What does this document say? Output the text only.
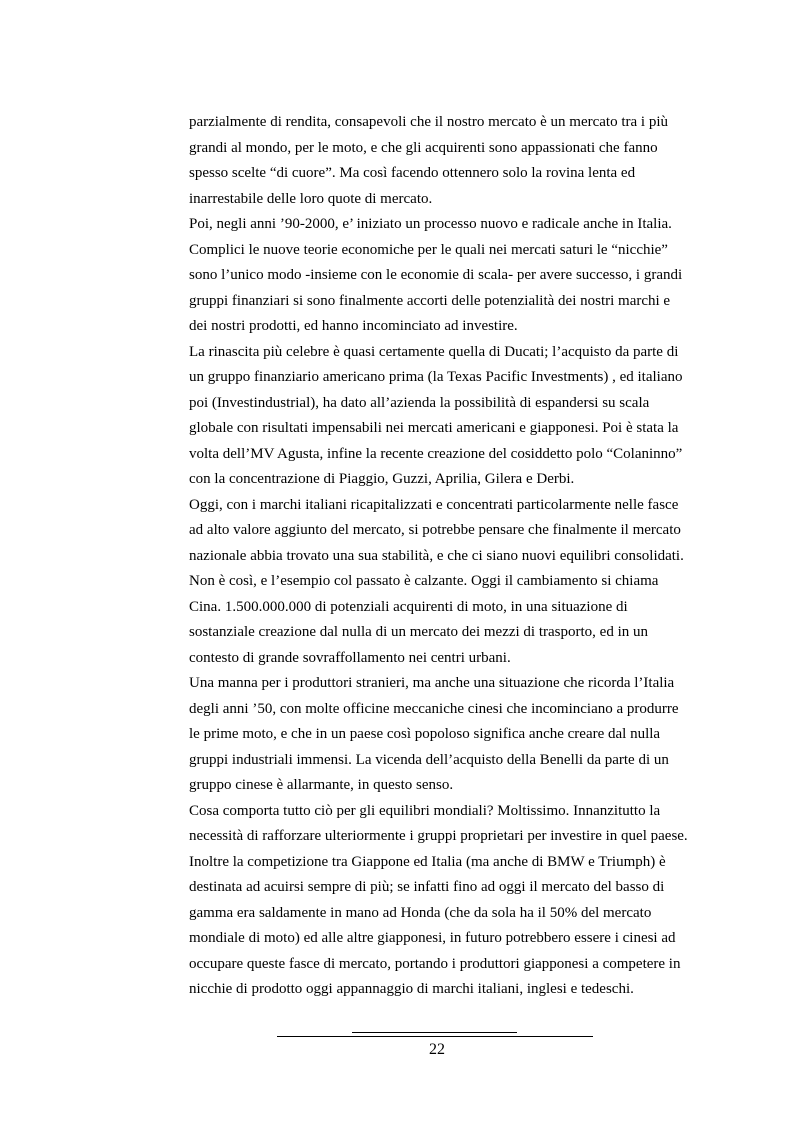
parzialmente di rendita, consapevoli che il nostro mercato è un mercato tra i più
grandi al mondo, per le moto, e che gli acquirenti sono appassionati che fanno
spesso scelte “di cuore”. Ma così facendo ottennero solo la rovina lenta ed
inarrestabile delle loro quote di mercato.
Poi, negli anni ’90-2000, e’ iniziato un processo nuovo e radicale anche in Italia.
Complici le nuove teorie economiche per le quali nei mercati saturi le “nicchie”
sono l’unico modo -insieme con le economie di scala- per avere successo, i grandi
gruppi finanziari si sono finalmente accorti delle potenzialità dei nostri marchi e
dei nostri prodotti, ed hanno incominciato ad investire.
La rinascita più celebre è quasi certamente quella di Ducati; l’acquisto da parte di
un gruppo finanziario americano prima (la Texas Pacific Investments) , ed italiano
poi (Investindustrial), ha dato all’azienda la possibilità di espandersi su scala
globale con risultati impensabili nei mercati americani e giapponesi. Poi è stata la
volta dell’MV Agusta, infine la recente creazione del cosiddetto polo “Colaninno”
con la concentrazione di Piaggio, Guzzi, Aprilia, Gilera e Derbi.
Oggi, con i marchi italiani ricapitalizzati e concentrati particolarmente nelle fasce
ad alto valore aggiunto del mercato, si potrebbe pensare che finalmente il mercato
nazionale abbia trovato una sua stabilità, e che ci siano nuovi equilibri consolidati.
Non è così, e l’esempio col passato è calzante. Oggi il cambiamento si chiama
Cina. 1.500.000.000 di potenziali acquirenti di moto, in una situazione di
sostanziale creazione dal nulla di un mercato dei mezzi di trasporto, ed in un
contesto di grande sovraffollamento nei centri urbani.
Una manna per i produttori stranieri, ma anche una situazione che ricorda l’Italia
degli anni ’50, con molte officine meccaniche cinesi che incominciano a produrre
le prime moto, e che in un paese così popoloso significa anche creare dal nulla
gruppi industriali immensi. La vicenda dell’acquisto della Benelli da parte di un
gruppo cinese è allarmante, in questo senso.
Cosa comporta tutto ciò per gli equilibri mondiali? Moltissimo. Innanzitutto la
necessità di rafforzare ulteriormente i gruppi proprietari per investire in quel paese.
Inoltre la competizione tra Giappone ed Italia (ma anche di BMW e Triumph) è
destinata ad acuirsi sempre di più; se infatti fino ad oggi il mercato del basso di
gamma era saldamente in mano ad Honda (che da sola ha il 50% del mercato
mondiale di moto) ed alle altre giapponesi, in futuro potrebbero essere i cinesi ad
occupare queste fasce di mercato, portando i produttori giapponesi a competere in
nicchie di prodotto oggi appannaggio di marchi italiani, inglesi e tedeschi.
22
